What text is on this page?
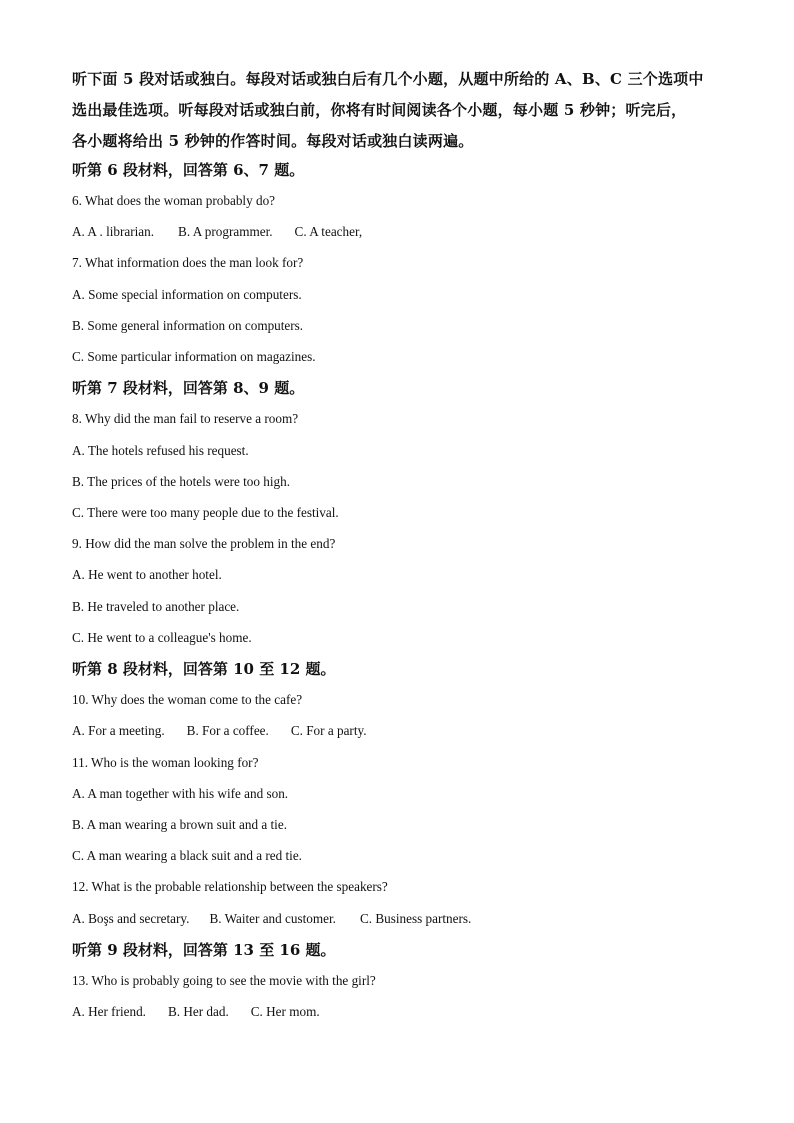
听下面 5 段对话或独白。每段对话或独白后有几个小题，从题中所给的 A、B、C 三个选项中

选出最佳选项。听每段对话或独白前，你将有时间阅读各个小题，每小题 5 秒钟；听完后，

各小题将给出 5 秒钟的作答时间。每段对话或独白读两遍。

听第 6 段材料，回答第 6、7 题。
6. What does the woman probably do?
A. A . librarian. B. A programmer. C. A teacher,
7. What information does the man look for?
A. Some special information on computers.
B. Some general information on computers.
C. Some particular information on magazines.
听第 7 段材料，回答第 8、9 题。
8. Why did the man fail to reserve a room?
A. The hotels refused his request.
B. The prices of the hotels were too high.
C. There were too many people due to the festival.
9. How did the man solve the problem in the end?
A. He went to another hotel.
B. He traveled to another place.
C. He went to a colleague's home.
听第 8 段材料，回答第 10 至 12 题。
10. Why does the woman come to the cafe?
A. For a meeting. B. For a coffee. C. For a party.
11. Who is the woman looking for?
A. A man together with his wife and son.
B. A man wearing a brown suit and a tie.
C. A man wearing a black suit and a red tie.
12. What is the probable relationship between the speakers?
A. Boşs and secretary. B. Waiter and customer. C. Business partners.
听第 9 段材料，回答第 13 至 16 题。
13. Who is probably going to see the movie with the girl?
A. Her friend. B. Her dad. C. Her mom.
